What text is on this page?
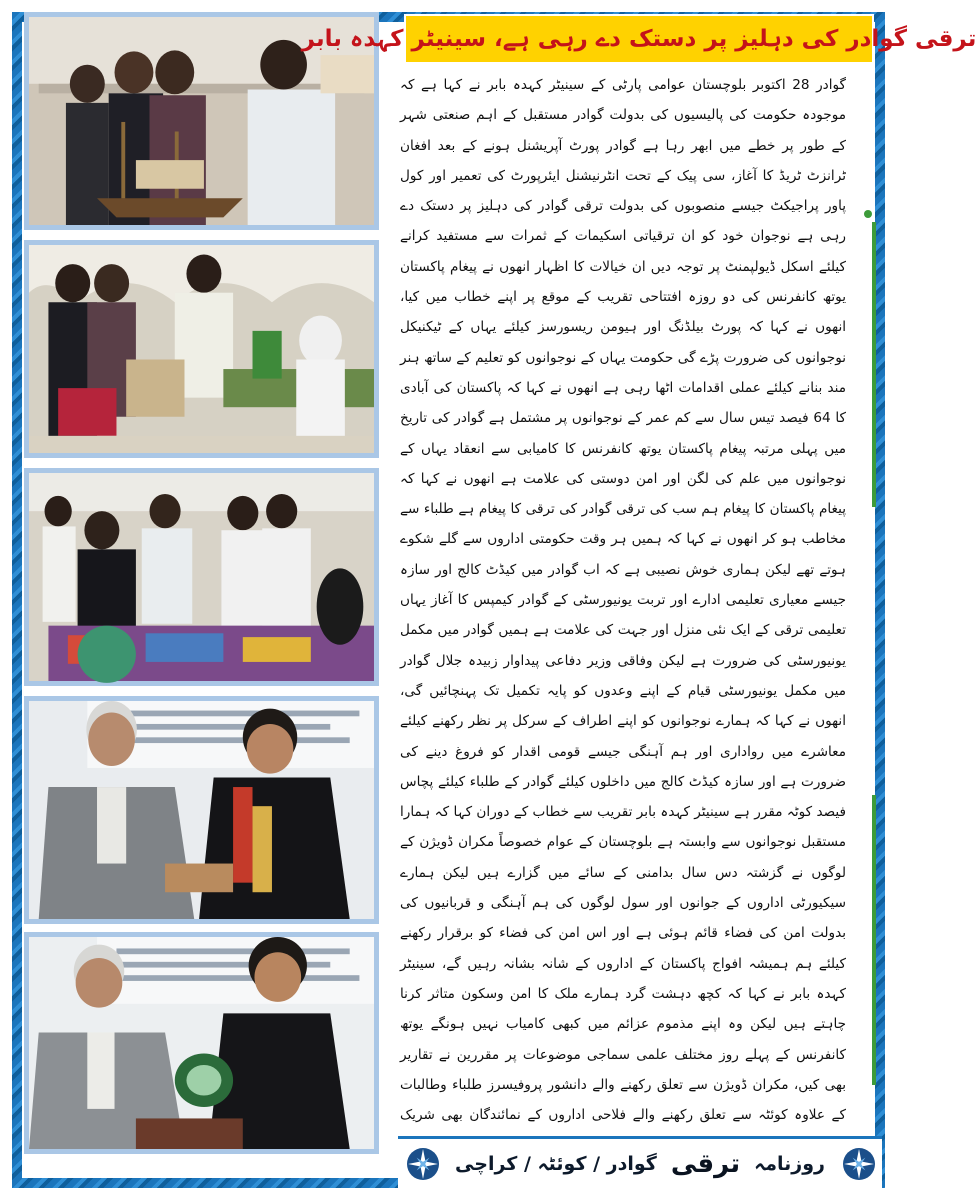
ترقی گوادر کی دہلیز پر دستک دے رہی ہے، سینیٹر کہدہ بابر

گوادر 28 اکتوبر بلوچستان عوامی پارٹی کے سینیٹر کہدہ بابر نے کہا ہے کہ موجودہ حکومت کی پالیسیوں کی بدولت گوادر مستقبل کے اہم صنعتی شہر کے طور پر خطے میں ابھر رہا ہے گوادر پورٹ آپریشنل ہونے کے بعد افغان ٹرانزٹ ٹریڈ کا آغاز، سی پیک کے تحت انٹرنیشنل ایئرپورٹ کی تعمیر اور کول پاور پراجیکٹ جیسے منصوبوں کی بدولت ترقی گوادر کی دہلیز پر دستک دے رہی ہے نوجوان خود کو ان ترقیاتی اسکیمات کے ثمرات سے مستفید کرانے کیلئے اسکل ڈیولپمنٹ پر توجہ دیں ان خیالات کا اظہار انھوں نے پیغام پاکستان یوتھ کانفرنس کی دو روزہ افتتاحی تقریب کے موقع پر اپنے خطاب میں کیا، انھوں نے کہا کہ پورٹ بیلڈنگ اور ہیومن ریسورسز کیلئے یہاں کے ٹیکنیکل نوجوانوں کی ضرورت پڑے گی حکومت یہاں کے نوجوانوں کو تعلیم کے ساتھ ہنر مند بنانے کیلئے عملی اقدامات اٹھا رہی ہے انھوں نے کہا کہ پاکستان کی آبادی کا 64 فیصد تیس سال سے کم عمر کے نوجوانوں پر مشتمل ہے گوادر کی تاریخ میں پہلی مرتبہ پیغام پاکستان یوتھ کانفرنس کا کامیابی سے انعقاد یہاں کے نوجوانوں میں علم کی لگن اور امن دوستی کی علامت ہے انھوں نے کہا کہ پیغام پاکستان کا پیغام ہم سب کی ترقی گوادر کی ترقی کا پیغام ہے طلباء سے مخاطب ہو کر انھوں نے کہا کہ ہمیں ہر وقت حکومتی اداروں سے گلے شکوے ہوتے تھے لیکن ہماری خوش نصیبی ہے کہ اب گوادر میں کیڈٹ کالج اور سازہ جیسے معیاری تعلیمی ادارے اور تربت یونیورسٹی کے گوادر کیمپس کا آغاز یہاں تعلیمی ترقی کے ایک نئی منزل اور جہت کی علامت ہے ہمیں گوادر میں مکمل یونیورسٹی کی ضرورت ہے لیکن وفاقی وزیر دفاعی پیداوار زبیدہ جلال گوادر میں مکمل یونیورسٹی قیام کے اپنے وعدوں کو پایہ تکمیل تک پہنچائیں گی، انھوں نے کہا کہ ہمارے نوجوانوں کو اپنے اطراف کے سرکل پر نظر رکھنے کیلئے معاشرے میں رواداری اور ہم آہنگی جیسے قومی اقدار کو فروغ دینے کی ضرورت ہے اور سازہ کیڈٹ کالج میں داخلوں کیلئے گوادر کے طلباء کیلئے پچاس فیصد کوٹہ مقرر ہے سینیٹر کہدہ بابر تقریب سے خطاب کے دوران کہا کہ ہمارا مستقبل نوجوانوں سے وابستہ ہے بلوچستان کے عوام خصوصاً مکران ڈویژن کے لوگوں نے گزشتہ دس سال بدامنی کے سائے میں گزارے ہیں لیکن ہمارے سیکیورٹی اداروں کے جوانوں اور سول لوگوں کی ہم آہنگی و قربانیوں کی بدولت امن کی فضاء قائم ہوئی ہے اور اس امن کی فضاء کو برقرار رکھنے کیلئے ہم ہمیشہ افواج پاکستان کے اداروں کے شانہ بشانہ رہیں گے، سینیٹر کہدہ بابر نے کہا کہ کچھ دہشت گرد ہمارے ملک کا امن وسکون متاثر کرنا چاہتے ہیں لیکن وہ اپنے مذموم عزائم میں کبھی کامیاب نہیں ہونگے یوتھ کانفرنس کے پہلے روز مختلف علمی سماجی موضوعات پر مقررین نے تقاریر بھی کیں، مکران ڈویژن سے تعلق رکھنے والے دانشور پروفیسرز طلباء وطالبات کے علاوہ کوئٹہ سے تعلق رکھنے والے فلاحی اداروں کے نمائندگان بھی شریک

روزنامہ
ترقی
گوادر / کوئٹہ / کراچی
